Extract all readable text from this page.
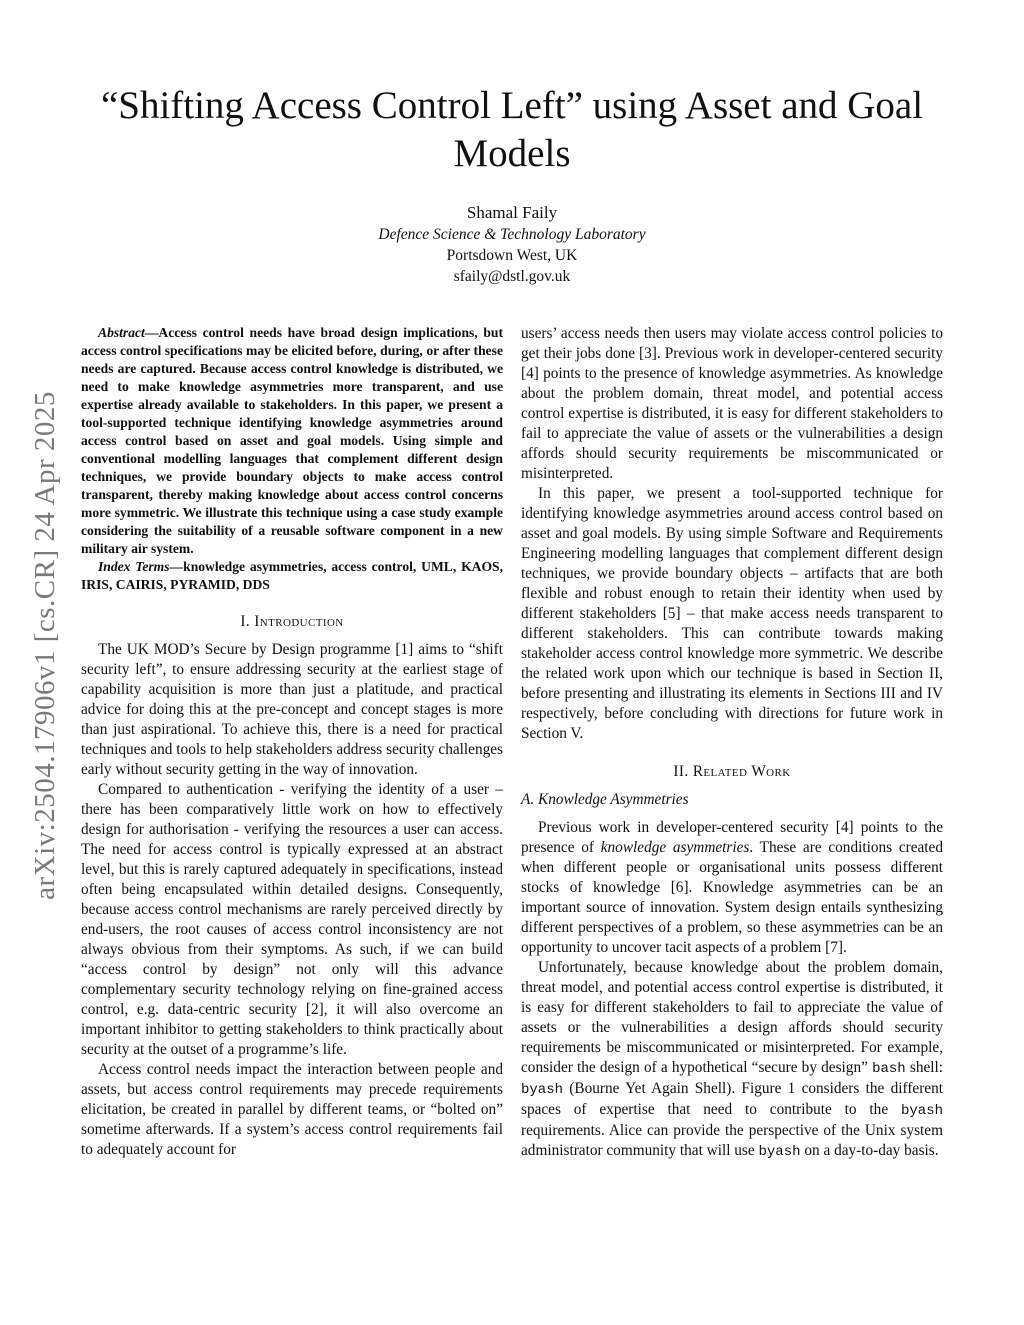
arXiv:2504.17906v1 [cs.CR] 24 Apr 2025
“Shifting Access Control Left” using Asset and Goal Models
Shamal Faily
Defence Science & Technology Laboratory
Portsdown West, UK
sfaily@dstl.gov.uk

Abstract—Access control needs have broad design implications, but access control specifications may be elicited before, during, or after these needs are captured. Because access control knowledge is distributed, we need to make knowledge asymmetries more transparent, and use expertise already available to stakeholders. In this paper, we present a tool-supported technique identifying knowledge asymmetries around access control based on asset and goal models. Using simple and conventional modelling languages that complement different design techniques, we provide boundary objects to make access control transparent, thereby making knowledge about access control concerns more symmetric. We illustrate this technique using a case study example considering the suitability of a reusable software component in a new military air system.

Index Terms—knowledge asymmetries, access control, UML, KAOS, IRIS, CAIRIS, PYRAMID, DDS

I. Introduction

The UK MOD’s Secure by Design programme [1] aims to “shift security left”, to ensure addressing security at the earliest stage of capability acquisition is more than just a platitude, and practical advice for doing this at the pre-concept and concept stages is more than just aspirational. To achieve this, there is a need for practical techniques and tools to help stakeholders address security challenges early without security getting in the way of innovation.

Compared to authentication - verifying the identity of a user – there has been comparatively little work on how to effectively design for authorisation - verifying the resources a user can access. The need for access control is typically expressed at an abstract level, but this is rarely captured adequately in specifications, instead often being encapsulated within detailed designs. Consequently, because access control mechanisms are rarely perceived directly by end-users, the root causes of access control inconsistency are not always obvious from their symptoms. As such, if we can build “access control by design” not only will this advance complementary security technology relying on fine-grained access control, e.g. data-centric security [2], it will also overcome an important inhibitor to getting stakeholders to think practically about security at the outset of a programme’s life.

Access control needs impact the interaction between people and assets, but access control requirements may precede requirements elicitation, be created in parallel by different teams, or “bolted on” sometime afterwards. If a system’s access control requirements fail to adequately account for

users’ access needs then users may violate access control policies to get their jobs done [3]. Previous work in developer-centered security [4] points to the presence of knowledge asymmetries. As knowledge about the problem domain, threat model, and potential access control expertise is distributed, it is easy for different stakeholders to fail to appreciate the value of assets or the vulnerabilities a design affords should security requirements be miscommunicated or misinterpreted.

In this paper, we present a tool-supported technique for identifying knowledge asymmetries around access control based on asset and goal models. By using simple Software and Requirements Engineering modelling languages that complement different design techniques, we provide boundary objects – artifacts that are both flexible and robust enough to retain their identity when used by different stakeholders [5] – that make access needs transparent to different stakeholders. This can contribute towards making stakeholder access control knowledge more symmetric. We describe the related work upon which our technique is based in Section II, before presenting and illustrating its elements in Sections III and IV respectively, before concluding with directions for future work in Section V.

II. Related Work
A. Knowledge Asymmetries

Previous work in developer-centered security [4] points to the presence of knowledge asymmetries. These are conditions created when different people or organisational units possess different stocks of knowledge [6]. Knowledge asymmetries can be an important source of innovation. System design entails synthesizing different perspectives of a problem, so these asymmetries can be an opportunity to uncover tacit aspects of a problem [7].

Unfortunately, because knowledge about the problem domain, threat model, and potential access control expertise is distributed, it is easy for different stakeholders to fail to appreciate the value of assets or the vulnerabilities a design affords should security requirements be miscommunicated or misinterpreted. For example, consider the design of a hypothetical “secure by design” bash shell: byash (Bourne Yet Again Shell). Figure 1 considers the different spaces of expertise that need to contribute to the byash requirements. Alice can provide the perspective of the Unix system administrator community that will use byash on a day-to-day basis.
